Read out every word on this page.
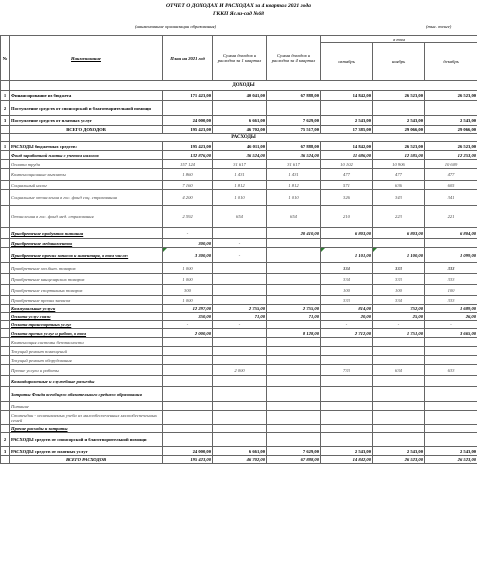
ОТЧЕТ О ДОХОДАХ И РАСХОДАХ за 4 квартал 2021 года
ГККП Ясли-сад №68
(наименование организации образования)	(тыс. тенге)
№	Наименование	План на 2021 год	Сумма доходов и расходов за 1 квартал	Сумма доходов и расходов за 4 квартал	в том		
					октябрь	ноябрь	декабрь
	ДОХОДЫ						
1	Финансирование из бюджета	171 423,00	40 041,00	67 888,00	14 842,00	26 523,00	26 523,00
2	Поступление средств от спонсорской и благотворительной помощи						
3	Поступление средств от платных услуг	24 000,00	6 661,00	7 629,00	2 543,00	2 543,00	2 543,00
	ВСЕГО ДОХОДОВ	195 423,00	46 702,00	75 517,00	17 385,00	29 066,00	29 066,00
	РАСХОДЫ						
1	РАСХОДЫ бюджетных средств:	195 423,00	46 011,00	67 888,00	14 842,00	26 523,00	26 523,00
	Фонд заработной платы с учетом налогов	132 876,00	36 524,00	36 524,00	11 686,00	12 585,00	12 253,00
	Оплата труда	157 124	31 617	31 617	10 102	10 906	10 609
	Компенсационные выплаты	1 860	1 431	1 431	477	477	477
	Социальный налог	7 160	1 812	1 812	571	636	605
	Социальные отчисления в гос. фонд соц. страхования	4 200	1 010	1 010	326	343	341
	Отчисления в гос. фонд мед. страхования	2 592	654	654	210	223	221
	Приобретение продуктов питания	-		20 410,00	6 803,00	6 803,00	6 804,00
	Приобретение медикаментов	300,00	-				
	Приобретение прочих запасов и инвентаря, в том числе:	3 300,00	-		1 101,00	1 100,00	1 099,00
	Приобретение хоз.быт. товаров	1 000			334	333	333
	Приобретение канцелярских товаров	1 000			334	333	333
	Приобретение спортивных товаров	300			100	100	100
	Приобретение прочих запасов	1 000			333	334	333
	Коммунальные услуги	12 297,00	2 755,00	2 755,00	814,00	752,00	1 689,00
	Оплата услуг связи	350,00	71,00	71,00	20,00	25,00	26,00
	Оплата транспортных услуг	-	-		-	-	-
	Оплата прочих услуг и работ, в том	2 000,00		8 128,00	2 712,00	1 751,00	3 665,00
	Компенсация системы безопасности						
	Текущий ремонт помещений						
	Текущий ремонт оборудования						
	Прочие услуги и работы		2 000		733	634	633
	Командировочные и служебные разъезды						
	Затраты Фонда всеобщего обязательного среднего образования						
	Питание						
	Стипендии - оплачиваемых учеба из малообеспеченных малообеспеченных семей						
	Прочие расходы и затраты						
2	РАСХОДЫ средств от спонсорской и благотворительной помощи						
3	РАСХОДЫ средств от платных услуг	24 000,00	6 661,00	7 629,00	2 543,00	2 543,00	2 543,00
	ВСЕГО РАСХОДОВ	195 423,00	46 702,00	67 888,00	14 842,00	26 523,00	26 523,00
